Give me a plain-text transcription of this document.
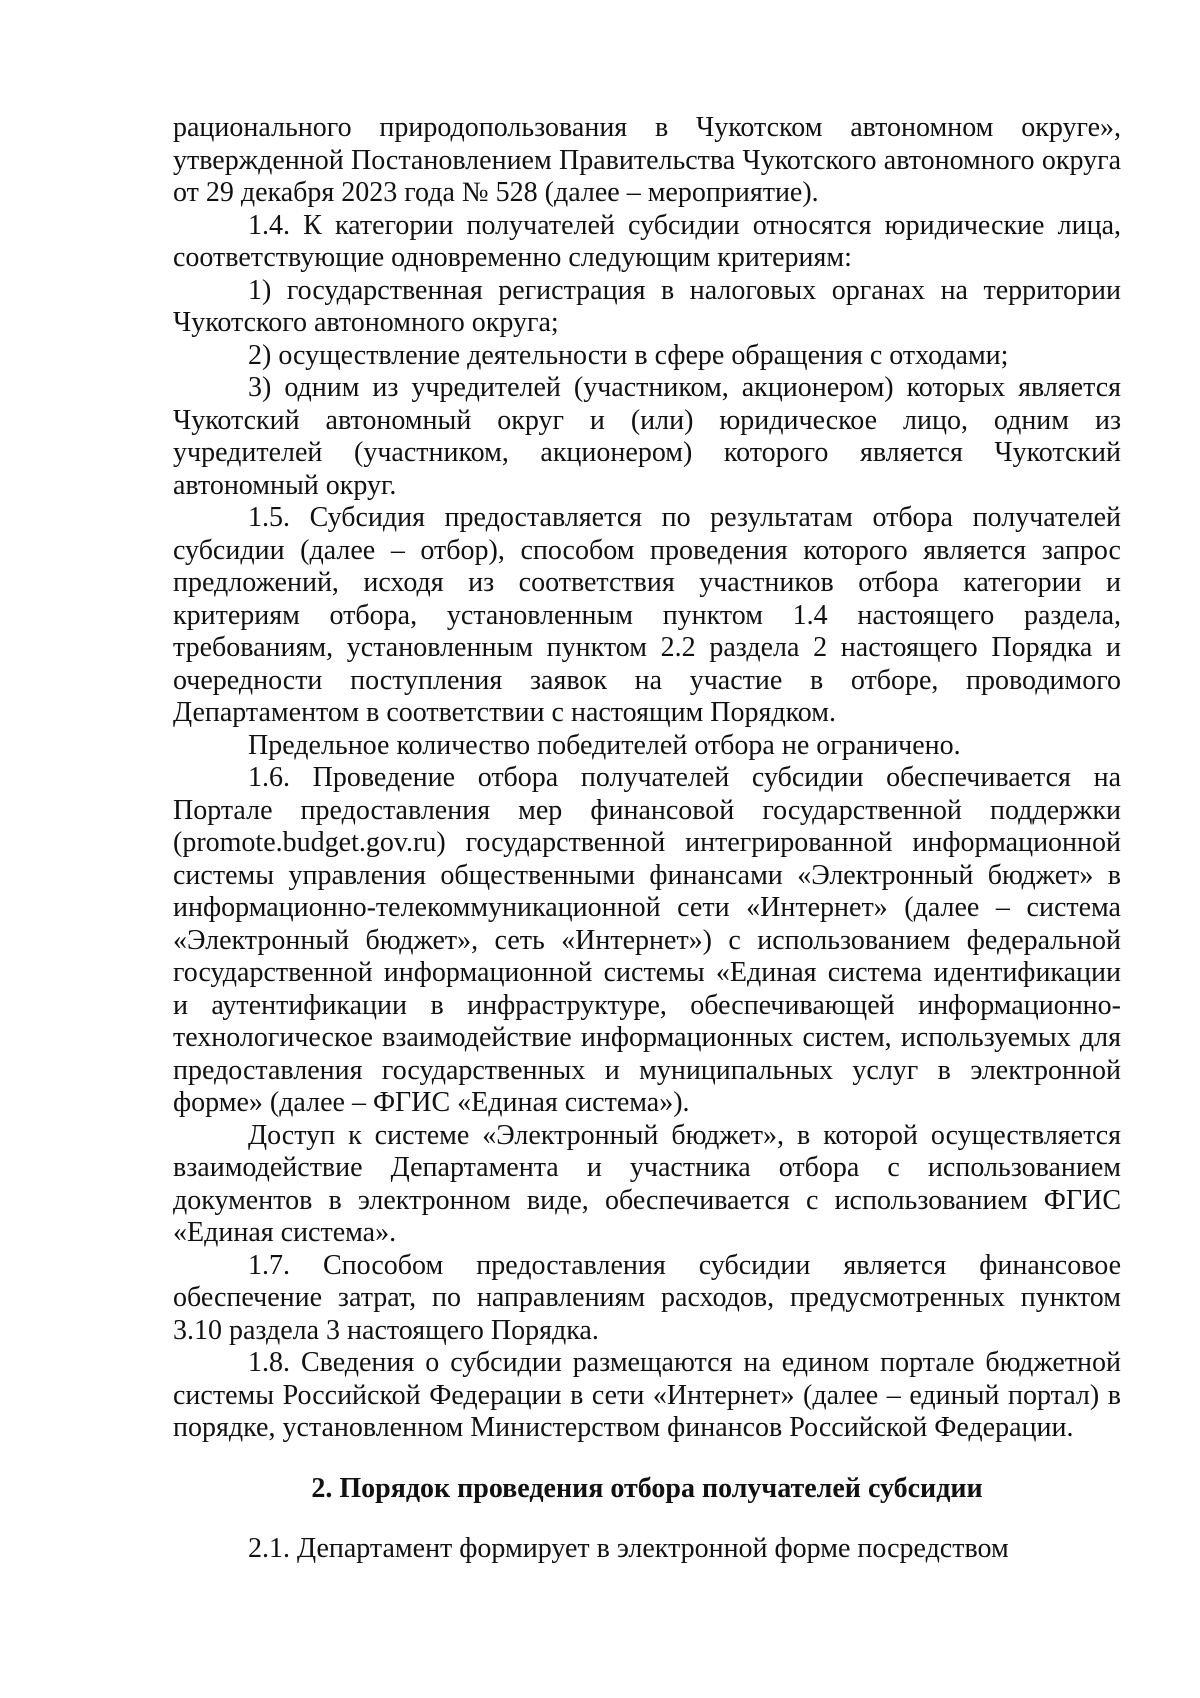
рационального природопользования в Чукотском автономном округе», утвержденной Постановлением Правительства Чукотского автономного округа от 29 декабря 2023 года № 528 (далее – мероприятие).

1.4. К категории получателей субсидии относятся юридические лица, соответствующие одновременно следующим критериям:

1) государственная регистрация в налоговых органах на территории Чукотского автономного округа;

2) осуществление деятельности в сфере обращения с отходами;

3) одним из учредителей (участником, акционером) которых является Чукотский автономный округ и (или) юридическое лицо, одним из учредителей (участником, акционером) которого является Чукотский автономный округ.

1.5. Субсидия предоставляется по результатам отбора получателей субсидии (далее – отбор), способом проведения которого является запрос предложений, исходя из соответствия участников отбора категории и критериям отбора, установленным пунктом 1.4 настоящего раздела, требованиям, установленным пунктом 2.2 раздела 2 настоящего Порядка и очередности поступления заявок на участие в отборе, проводимого Департаментом в соответствии с настоящим Порядком.

Предельное количество победителей отбора не ограничено.

1.6. Проведение отбора получателей субсидии обеспечивается на Портале предоставления мер финансовой государственной поддержки (promote.budget.gov.ru) государственной интегрированной информационной системы управления общественными финансами «Электронный бюджет» в информационно-телекоммуникационной сети «Интернет» (далее – система «Электронный бюджет», сеть «Интернет») с использованием федеральной государственной информационной системы «Единая система идентификации и аутентификации в инфраструктуре, обеспечивающей информационно-технологическое взаимодействие информационных систем, используемых для предоставления государственных и муниципальных услуг в электронной форме» (далее – ФГИС «Единая система»).

Доступ к системе «Электронный бюджет», в которой осуществляется взаимодействие Департамента и участника отбора с использованием документов в электронном виде, обеспечивается с использованием ФГИС «Единая система».

1.7. Способом предоставления субсидии является финансовое обеспечение затрат, по направлениям расходов, предусмотренных пунктом 3.10 раздела 3 настоящего Порядка.

1.8. Сведения о субсидии размещаются на едином портале бюджетной системы Российской Федерации в сети «Интернет» (далее – единый портал) в порядке, установленном Министерством финансов Российской Федерации.

2. Порядок проведения отбора получателей субсидии

2.1. Департамент формирует в электронной форме посредством
